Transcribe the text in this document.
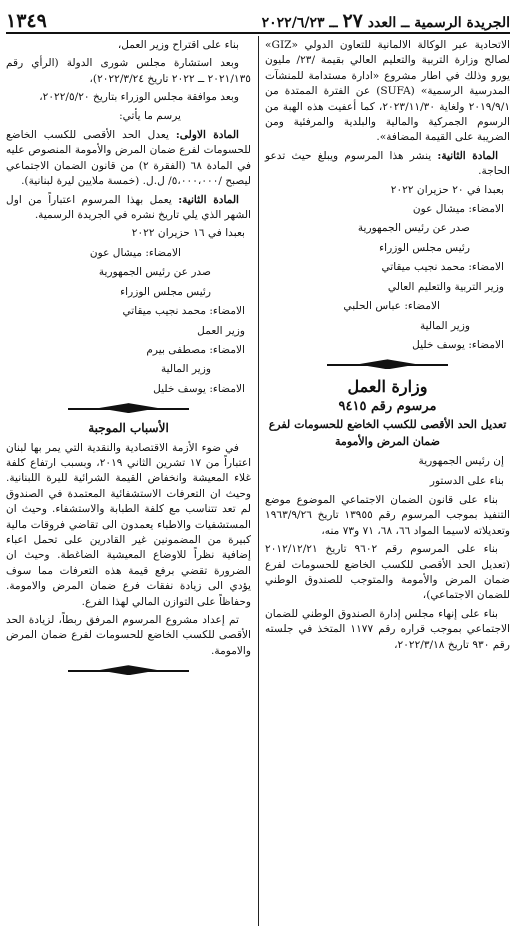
الجريدة الرسمية ــ العدد ٢٧ ــ ٢٠٢٢/٦/٢٣
١٣٤٩

الاتحادية عبر الوكالة الالمانية للتعاون الدولي «GIZ» لصالح وزارة التربية والتعليم العالي بقيمة /٢٣/ مليون يورو وذلك في اطار مشروع «ادارة مستدامة للمنشآت المدرسية الرسمية» (SUFA) عن الفترة الممتدة من ٢٠١٩/٩/١ ولغاية ٢٠٢٣/١١/٣٠، كما أعفيت هذه الهبة من الرسوم الجمركية والمالية والبلدية والمرفئية ومن الضريبة على القيمة المضافة».

المادة الثانية: ينشر هذا المرسوم ويبلغ حيث تدعو الحاجة.

بعبدا في ٢٠ حزيران ٢٠٢٢

الامضاء: ميشال عون

صدر عن رئيس الجمهورية

رئيس مجلس الوزراء

الامضاء: محمد نجيب ميقاتي

وزير التربية والتعليم العالي

الامضاء: عباس الحلبي

وزير المالية

الامضاء: يوسف خليل

وزارة العمل
مرسوم رقم ٩٤١٥
تعديل الحد الأقصى للكسب الخاضع للحسومات لفرع ضمان المرض والأمومة

إن رئيس الجمهورية

بناء على الدستور

بناء على قانون الضمان الاجتماعي الموضوع موضع التنفيذ بموجب المرسوم رقم ١٣٩٥٥ تاريخ ١٩٦٣/٩/٢٦ وتعديلاته لاسيما المواد ٦٦، ٦٨، ٧١ و٧٣ منه،

بناء على المرسوم رقم ٩٦٠٢ تاريخ ٢٠١٢/١٢/٢١ (تعديل الحد الأقصى للكسب الخاضع للحسومات لفرع ضمان المرض والأمومة والمتوجب للصندوق الوطني للضمان الاجتماعي)،

بناء على إنهاء مجلس إدارة الصندوق الوطني للضمان الاجتماعي بموجب قراره رقم ١١٧٧ المتخذ في جلسته رقم ٩٣٠ تاريخ ٢٠٢٢/٣/١٨،

بناء على اقتراح وزير العمل،

وبعد استشارة مجلس شورى الدولة (الرأي رقم ٢٠٢١/١٣٥ ــ ٢٠٢٢ تاريخ ٢٠٢٢/٣/٢٤)،

وبعد موافقة مجلس الوزراء بتاريخ ٢٠٢٢/٥/٢٠،

يرسم ما يأتي:

المادة الاولى: يعدل الحد الأقصى للكسب الخاضع للحسومات لفرع ضمان المرض والأمومة المنصوص عليه في المادة ٦٨ (الفقرة ٢) من قانون الضمان الاجتماعي ليصبح /٥،٠٠٠،٠٠٠/ ل.ل. (خمسة ملايين ليرة لبنانية).

المادة الثانية: يعمل بهذا المرسوم اعتباراً من اول الشهر الذي يلي تاريخ نشره في الجريدة الرسمية.

بعبدا في ١٦ حزيران ٢٠٢٢

الامضاء: ميشال عون

صدر عن رئيس الجمهورية

رئيس مجلس الوزراء

الامضاء: محمد نجيب ميقاتي

وزير العمل

الامضاء: مصطفى بيرم

وزير المالية

الامضاء: يوسف خليل

الأسباب الموجبة

في ضوء الأزمة الاقتصادية والنقدية التي يمر بها لبنان اعتباراً من ١٧ تشرين الثاني ٢٠١٩، وبسبب ارتفاع كلفة غلاء المعيشة وانخفاض القيمة الشرائية لليرة اللبنانية. وحيث ان التعرفات الاستشفائية المعتمدة في الصندوق لم تعد تتناسب مع كلفة الطبابة والاستشفاء. وحيث ان المستشفيات والاطباء يعمدون الى تقاضي فروقات مالية كبيرة من المضمونين غير القادرين على تحمل اعباء إضافية نظراً للاوضاع المعيشية الضاغطة. وحيث ان الضرورة تقضي برفع قيمة هذه التعرفات مما سوف يؤدي الى زيادة نفقات فرع ضمان المرض والامومة. وحفاظاً على التوازن المالي لهذا الفرع.

تم إعداد مشروع المرسوم المرفق ربطاً، لزيادة الحد الأقصى للكسب الخاضع للحسومات لفرع ضمان المرض والامومة.
